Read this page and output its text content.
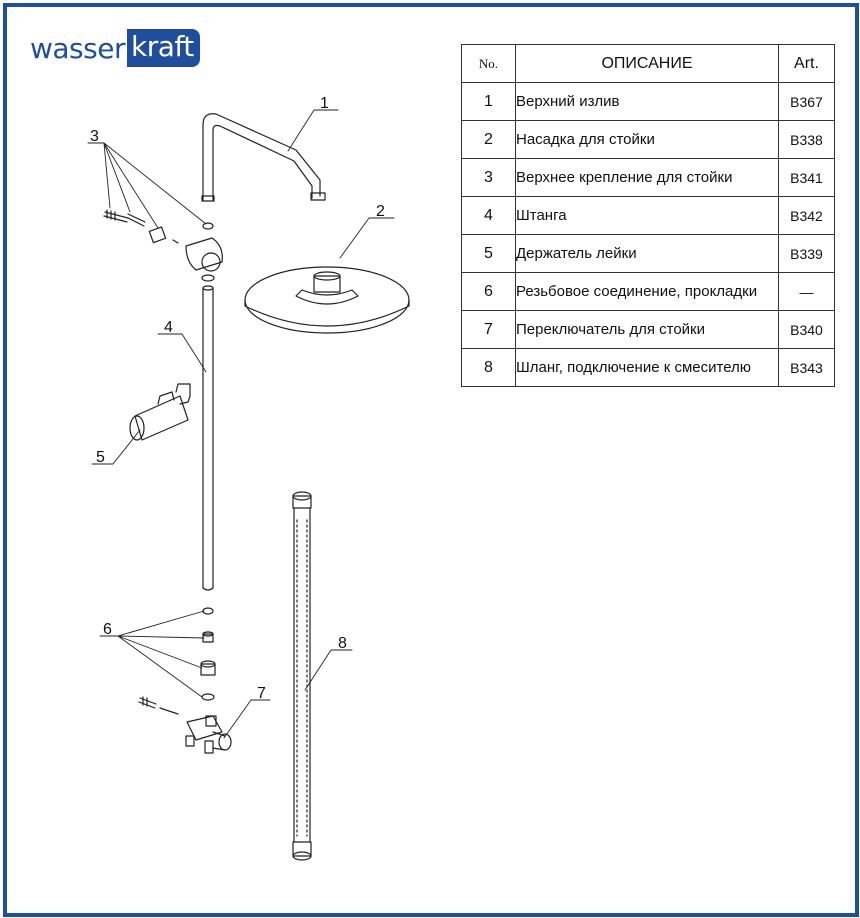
wasser kraft	No.	ОПИСАНИЕ	Art.
1	Верхний излив	B367
2	Насадка для стойки	B338
3	Верхнее крепление для стойки	B341
4	Штанга	B342
5	Держатель лейки	B339
6	Резьбовое соединение, прокладки	—
7	Переключатель для стойки	B340
8	Шланг, подключение к смесителю	B343
1
2
3
4
5
6
7
8
